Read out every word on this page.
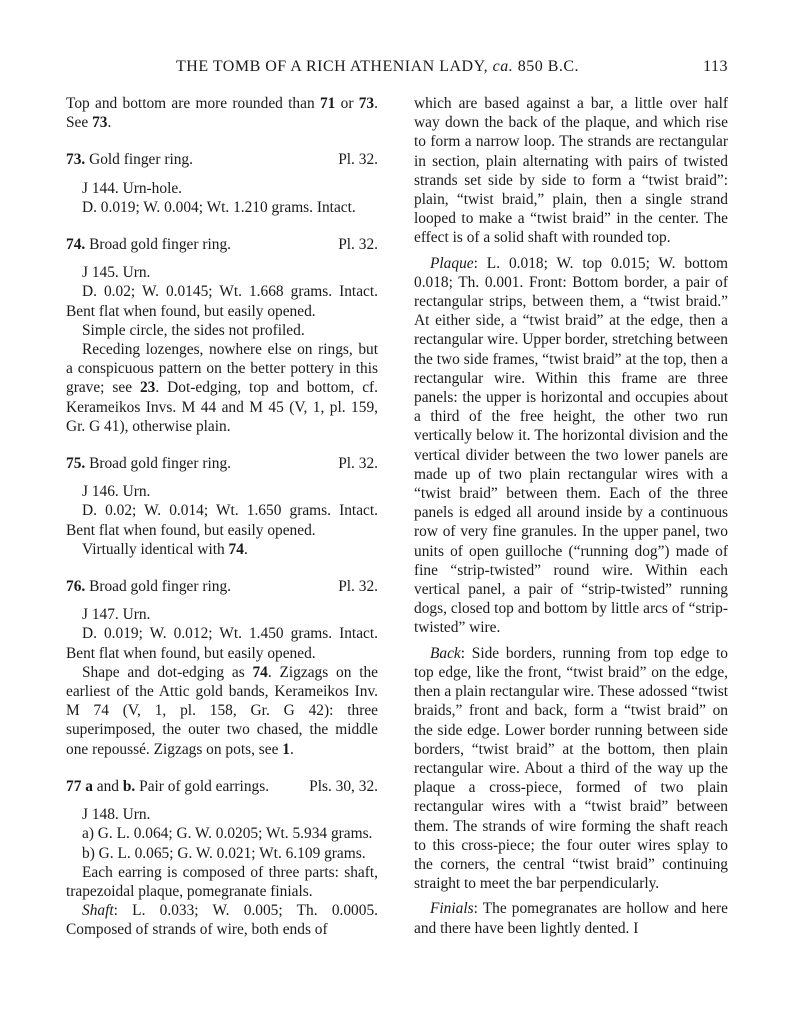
THE TOMB OF A RICH ATHENIAN LADY, ca. 850 B.C.	113

Top and bottom are more rounded than 71 or 73. See 73.

73. Gold finger ring.	Pl. 32.

J 144. Urn-hole.

D. 0.019; W. 0.004; Wt. 1.210 grams. Intact.

74. Broad gold finger ring.	Pl. 32.

J 145. Urn.

D. 0.02; W. 0.0145; Wt. 1.668 grams. Intact. Bent flat when found, but easily opened.

Simple circle, the sides not profiled.

Receding lozenges, nowhere else on rings, but a conspicuous pattern on the better pottery in this grave; see 23. Dot-edging, top and bottom, cf. Kerameikos Invs. M 44 and M 45 (V, 1, pl. 159, Gr. G 41), otherwise plain.

75. Broad gold finger ring.	Pl. 32.

J 146. Urn.

D. 0.02; W. 0.014; Wt. 1.650 grams. Intact. Bent flat when found, but easily opened.

Virtually identical with 74.

76. Broad gold finger ring.	Pl. 32.

J 147. Urn.

D. 0.019; W. 0.012; Wt. 1.450 grams. Intact. Bent flat when found, but easily opened.

Shape and dot-edging as 74. Zigzags on the earliest of the Attic gold bands, Kerameikos Inv. M 74 (V, 1, pl. 158, Gr. G 42): three superimposed, the outer two chased, the middle one repoussé. Zigzags on pots, see 1.

77 a and b. Pair of gold earrings.	Pls. 30, 32.

J 148. Urn.

a) G. L. 0.064; G. W. 0.0205; Wt. 5.934 grams.

b) G. L. 0.065; G. W. 0.021; Wt. 6.109 grams.

Each earring is composed of three parts: shaft, trapezoidal plaque, pomegranate finials.

Shaft: L. 0.033; W. 0.005; Th. 0.0005. Composed of strands of wire, both ends of

which are based against a bar, a little over half way down the back of the plaque, and which rise to form a narrow loop. The strands are rectangular in section, plain alternating with pairs of twisted strands set side by side to form a “twist braid”: plain, “twist braid,” plain, then a single strand looped to make a “twist braid” in the center. The effect is of a solid shaft with rounded top.

Plaque: L. 0.018; W. top 0.015; W. bottom 0.018; Th. 0.001. Front: Bottom border, a pair of rectangular strips, between them, a “twist braid.” At either side, a “twist braid” at the edge, then a rectangular wire. Upper border, stretching between the two side frames, “twist braid” at the top, then a rectangular wire. Within this frame are three panels: the upper is horizontal and occupies about a third of the free height, the other two run vertically below it. The horizontal division and the vertical divider between the two lower panels are made up of two plain rectangular wires with a “twist braid” between them. Each of the three panels is edged all around inside by a continuous row of very fine granules. In the upper panel, two units of open guilloche (“running dog”) made of fine “strip-twisted” round wire. Within each vertical panel, a pair of “strip-twisted” running dogs, closed top and bottom by little arcs of “strip-twisted” wire.

Back: Side borders, running from top edge to top edge, like the front, “twist braid” on the edge, then a plain rectangular wire. These adossed “twist braids,” front and back, form a “twist braid” on the side edge. Lower border running between side borders, “twist braid” at the bottom, then plain rectangular wire. About a third of the way up the plaque a cross-piece, formed of two plain rectangular wires with a “twist braid” between them. The strands of wire forming the shaft reach to this cross-piece; the four outer wires splay to the corners, the central “twist braid” continuing straight to meet the bar perpendicularly.

Finials: The pomegranates are hollow and here and there have been lightly dented. I
